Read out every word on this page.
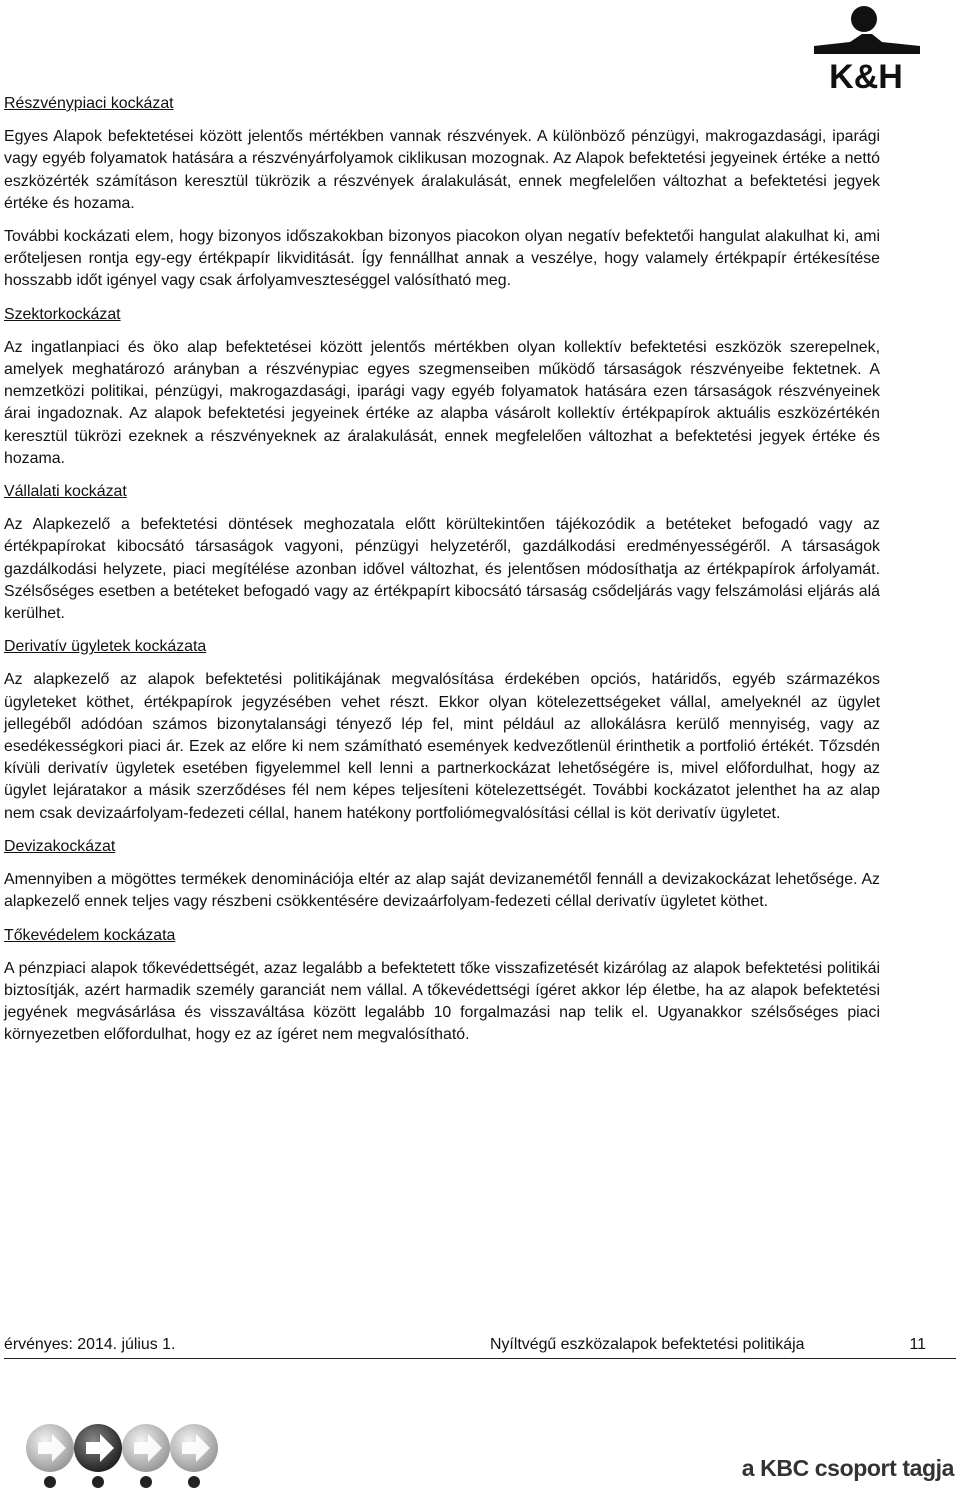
K&H

Részvénypiaci kockázat

Egyes Alapok befektetései között jelentős mértékben vannak részvények. A különböző pénzügyi, makrogazdasági, iparági vagy egyéb folyamatok hatására a részvényárfolyamok ciklikusan mozognak. Az Alapok befektetési jegyeinek értéke a nettó eszközérték számításon keresztül tükrözik a részvények áralakulását, ennek megfelelően változhat a befektetési jegyek értéke és hozama.

További kockázati elem, hogy bizonyos időszakokban bizonyos piacokon olyan negatív befektetői hangulat alakulhat ki, ami erőteljesen rontja egy-egy értékpapír likviditását. Így fennállhat annak a veszélye, hogy valamely értékpapír értékesítése hosszabb időt igényel vagy csak árfolyamveszteséggel valósítható meg.

Szektorkockázat

Az ingatlanpiaci és öko alap befektetései között jelentős mértékben olyan kollektív befektetési eszközök szerepelnek, amelyek meghatározó arányban a részvénypiac egyes szegmenseiben működő társaságok részvényeibe fektetnek. A nemzetközi politikai, pénzügyi, makrogazdasági, iparági vagy egyéb folyamatok hatására ezen társaságok részvényeinek árai ingadoznak. Az alapok befektetési jegyeinek értéke az alapba vásárolt kollektív értékpapírok aktuális eszközértékén keresztül tükrözi ezeknek a részvényeknek az áralakulását, ennek megfelelően változhat a befektetési jegyek értéke és hozama.

Vállalati kockázat

Az Alapkezelő a befektetési döntések meghozatala előtt körültekintően tájékozódik a betéteket befogadó vagy az értékpapírokat kibocsátó társaságok vagyoni, pénzügyi helyzetéről, gazdálkodási eredményességéről. A társaságok gazdálkodási helyzete, piaci megítélése azonban idővel változhat, és jelentősen módosíthatja az értékpapírok árfolyamát. Szélsőséges esetben a betéteket befogadó vagy az értékpapírt kibocsátó társaság csődeljárás vagy felszámolási eljárás alá kerülhet.

Derivatív ügyletek kockázata

Az alapkezelő az alapok befektetési politikájának megvalósítása érdekében opciós, határidős, egyéb származékos ügyleteket köthet, értékpapírok jegyzésében vehet részt. Ekkor olyan kötelezettségeket vállal, amelyeknél az ügylet jellegéből adódóan számos bizonytalansági tényező lép fel, mint például az allokálásra kerülő mennyiség, vagy az esedékességkori piaci ár. Ezek az előre ki nem számítható események kedvezőtlenül érinthetik a portfolió értékét. Tőzsdén kívüli derivatív ügyletek esetében figyelemmel kell lenni a partnerkockázat lehetőségére is, mivel előfordulhat, hogy az ügylet lejáratakor a másik szerződéses fél nem képes teljesíteni kötelezettségét. További kockázatot jelenthet ha az alap nem csak devizaárfolyam-fedezeti céllal, hanem hatékony portfoliómegvalósítási céllal is köt derivatív ügyletet.

Devizakockázat

Amennyiben a mögöttes termékek denominációja eltér az alap saját devizanemétől fennáll a devizakockázat lehetősége. Az alapkezelő ennek teljes vagy részbeni csökkentésére devizaárfolyam-fedezeti céllal derivatív ügyletet köthet.

Tőkevédelem kockázata

A pénzpiaci alapok tőkevédettségét, azaz legalább a befektetett tőke visszafizetését kizárólag az alapok befektetési politikái biztosítják, azért harmadik személy garanciát nem vállal. A tőkevédettségi ígéret akkor lép életbe, ha az alapok befektetési jegyének megvásárlása és visszaváltása között legalább 10 forgalmazási nap telik el. Ugyanakkor szélsőséges piaci környezetben előfordulhat, hogy ez az ígéret nem megvalósítható.

érvényes: 2014. július 1.	Nyíltvégű eszközalapok befektetési politikája	11
a KBC csoport tagja
